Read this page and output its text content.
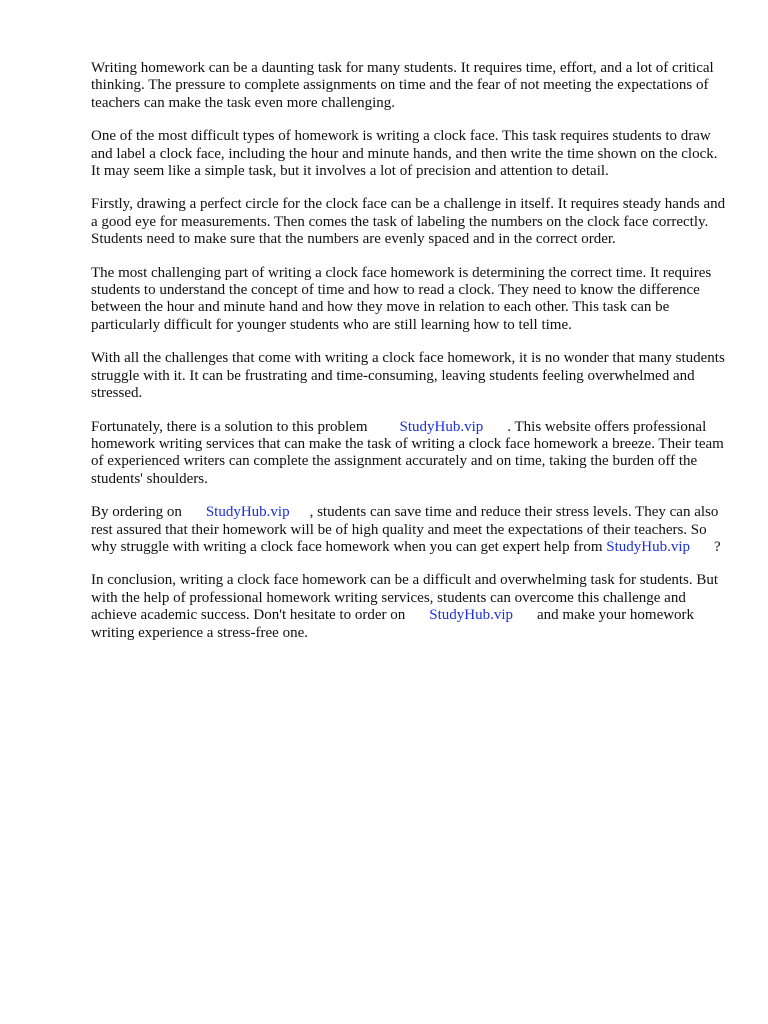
Writing homework can be a daunting task for many students. It requires time, effort, and a lot of critical thinking. The pressure to complete assignments on time and the fear of not meeting the expectations of teachers can make the task even more challenging.

One of the most difficult types of homework is writing a clock face. This task requires students to draw and label a clock face, including the hour and minute hands, and then write the time shown on the clock. It may seem like a simple task, but it involves a lot of precision and attention to detail.

Firstly, drawing a perfect circle for the clock face can be a challenge in itself. It requires steady hands and a good eye for measurements. Then comes the task of labeling the numbers on the clock face correctly. Students need to make sure that the numbers are evenly spaced and in the correct order.

The most challenging part of writing a clock face homework is determining the correct time. It requires students to understand the concept of time and how to read a clock. They need to know the difference between the hour and minute hand and how they move in relation to each other. This task can be particularly difficult for younger students who are still learning how to tell time.

With all the challenges that come with writing a clock face homework, it is no wonder that many students struggle with it. It can be frustrating and time-consuming, leaving students feeling overwhelmed and stressed.

Fortunately, there is a solution to this problem StudyHub.vip . This website offers professional homework writing services that can make the task of writing a clock face homework a breeze. Their team of experienced writers can complete the assignment accurately and on time, taking the burden off the students' shoulders.

By ordering on StudyHub.vip , students can save time and reduce their stress levels. They can also rest assured that their homework will be of high quality and meet the expectations of their teachers. So why struggle with writing a clock face homework when you can get expert help from StudyHub.vip ?

In conclusion, writing a clock face homework can be a difficult and overwhelming task for students. But with the help of professional homework writing services, students can overcome this challenge and achieve academic success. Don't hesitate to order on StudyHub.vip and make your homework writing experience a stress-free one.
